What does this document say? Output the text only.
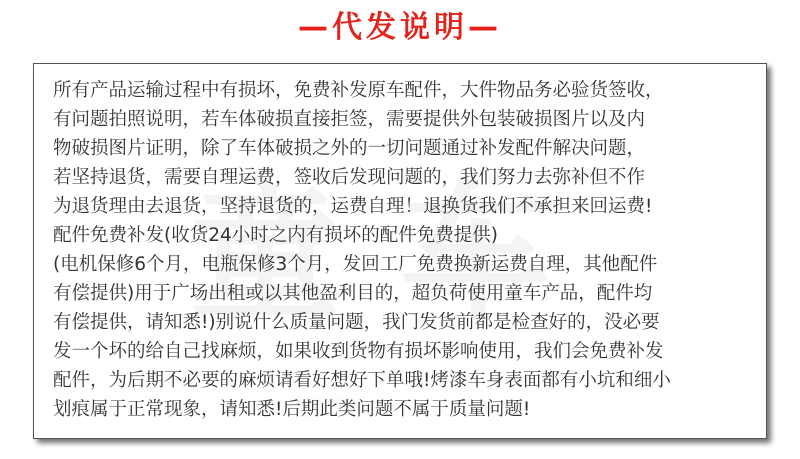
—代发说明—
所有产品运输过程中有损坏，免费补发原车配件，大件物品务必验货签收，
有问题拍照说明，若车体破损直接拒签，需要提供外包装破损图片以及内
物破损图片证明，除了车体破损之外的一切问题通过补发配件解决问题，
若坚持退货，需要自理运费，签收后发现问题的，我们努力去弥补但不作
为退货理由去退货，坚持退货的，运费自理！退换货我们不承担来回运费!
配件免费补发(收货24小时之内有损坏的配件免费提供)
(电机保修6个月，电瓶保修3个月，发回工厂免费换新运费自理，其他配件
有偿提供)用于广场出租或以其他盈利目的，超负荷使用童车产品，配件均
有偿提供，请知悉!)别说什么质量问题，我门发货前都是检查好的，没必要
发一个坏的给自己找麻烦，如果收到货物有损坏影响使用，我们会免费补发
配件，为后期不必要的麻烦请看好想好下单哦!烤漆车身表面都有小坑和细小
划痕属于正常现象，请知悉!后期此类问题不属于质量问题!
